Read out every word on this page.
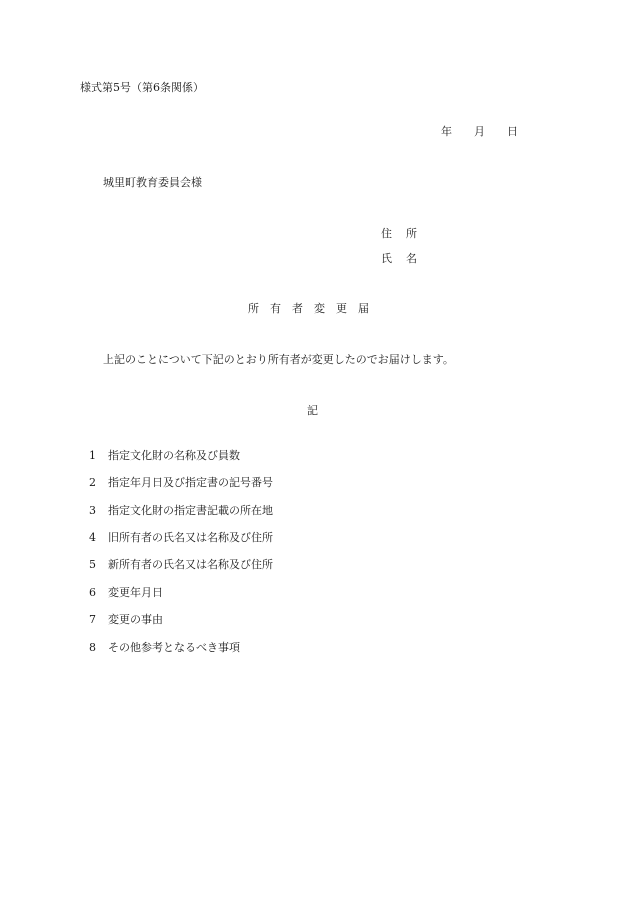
様式第5号（第6条関係）
年 月 日
城里町教育委員会様
住 所
氏 名
所 有 者 変 更 届
上記のことについて下記のとおり所有者が変更したのでお届けします。
記
1 指定文化財の名称及び員数
2 指定年月日及び指定書の記号番号
3 指定文化財の指定書記載の所在地
4 旧所有者の氏名又は名称及び住所
5 新所有者の氏名又は名称及び住所
6 変更年月日
7 変更の事由
8 その他参考となるべき事項
